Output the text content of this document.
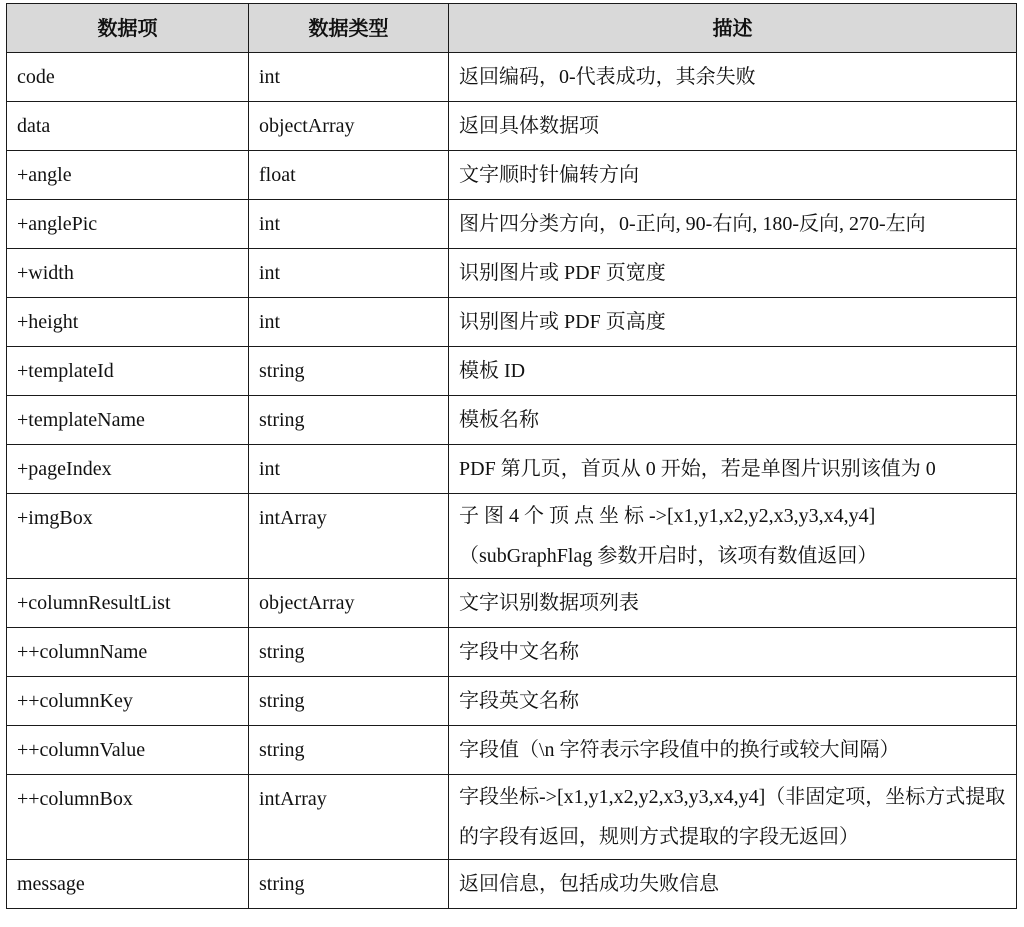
数据项	数据类型	描述
code	int	返回编码，0-代表成功，其余失败
data	objectArray	返回具体数据项
+angle	float	文字顺时针偏转方向
+anglePic	int	图片四分类方向，0-正向, 90-右向, 180-反向, 270-左向
+width	int	识别图片或 PDF 页宽度
+height	int	识别图片或 PDF 页高度
+templateId	string	模板 ID
+templateName	string	模板名称
+pageIndex	int	PDF 第几页，首页从 0 开始，若是单图片识别该值为 0
+imgBox	intArray	子 图 4 个 顶 点 坐 标 ->[x1,y1,x2,y2,x3,y3,x4,y4]（subGraphFlag 参数开启时，该项有数值返回）
+columnResultList	objectArray	文字识别数据项列表
++columnName	string	字段中文名称
++columnKey	string	字段英文名称
++columnValue	string	字段值（\n 字符表示字段值中的换行或较大间隔）
++columnBox	intArray	字段坐标->[x1,y1,x2,y2,x3,y3,x4,y4]（非固定项，坐标方式提取的字段有返回，规则方式提取的字段无返回）
message	string	返回信息，包括成功失败信息
